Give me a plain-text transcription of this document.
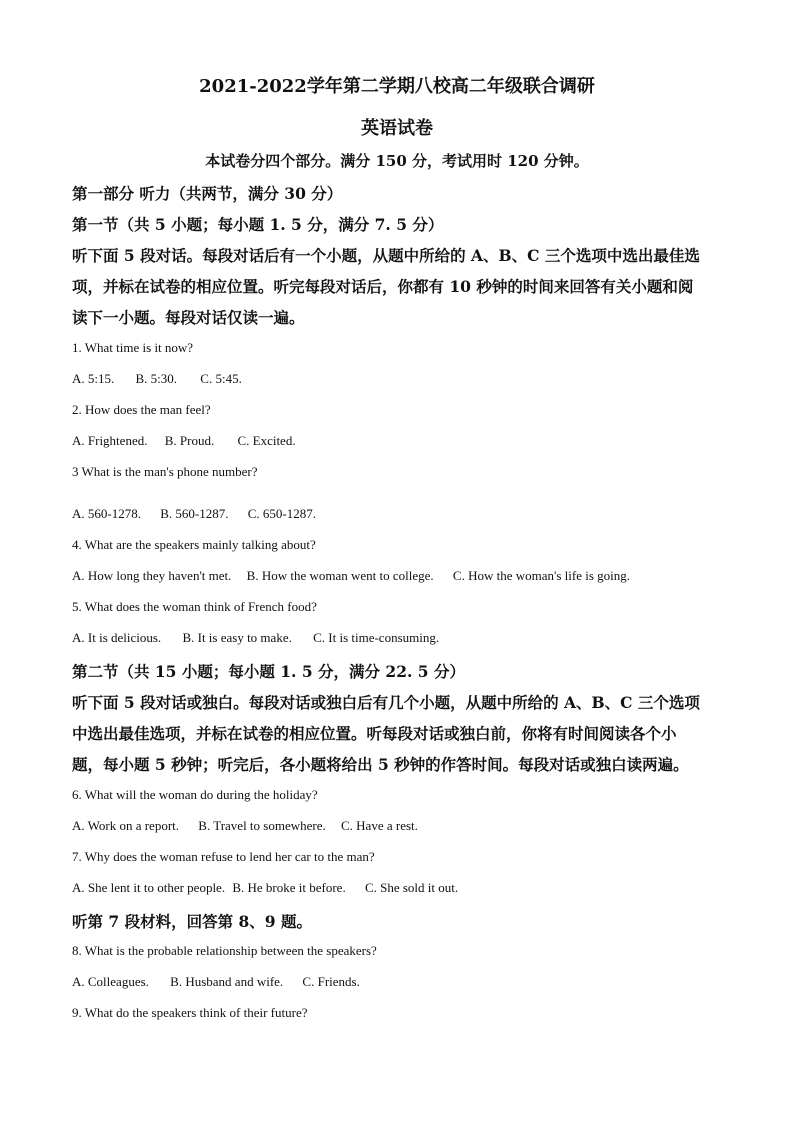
2021-2022学年第二学期八校高二年级联合调研
英语试卷
本试卷分四个部分。满分 150 分，考试用时 120 分钟。
第一部分 听力（共两节，满分 30 分）
第一节（共 5 小题；每小题 1. 5 分，满分 7. 5 分）
听下面 5 段对话。每段对话后有一个小题，从题中所给的 A、B、C 三个选项中选出最佳选
项，并标在试卷的相应位置。听完每段对话后，你都有 10 秒钟的时间来回答有关小题和阅
读下一小题。每段对话仅读一遍。
1. What time is it now?
A. 5:15. B. 5:30. C. 5:45.
2. How does the man feel?
A. Frightened. B. Proud. C. Excited.
3 What is the man's phone number?
A. 560-1278. B. 560-1287. C. 650-1287.
4. What are the speakers mainly talking about?
A. How long they haven't met. B. How the woman went to college. C. How the woman's life is going.
5. What does the woman think of French food?
A. It is delicious. B. It is easy to make. C. It is time-consuming.
第二节（共 15 小题；每小题 1. 5 分，满分 22. 5 分）
听下面 5 段对话或独白。每段对话或独白后有几个小题，从题中所给的 A、B、C 三个选项
中选出最佳选项，并标在试卷的相应位置。听每段对话或独白前，你将有时间阅读各个小
题，每小题 5 秒钟；听完后，各小题将给出 5 秒钟的作答时间。每段对话或独白读两遍。
6. What will the woman do during the holiday?
A. Work on a report. B. Travel to somewhere. C. Have a rest.
7. Why does the woman refuse to lend her car to the man?
A. She lent it to other people. B. He broke it before. C. She sold it out.
听第 7 段材料，回答第 8、9 题。
8. What is the probable relationship between the speakers?
A. Colleagues. B. Husband and wife. C. Friends.
9. What do the speakers think of their future?
